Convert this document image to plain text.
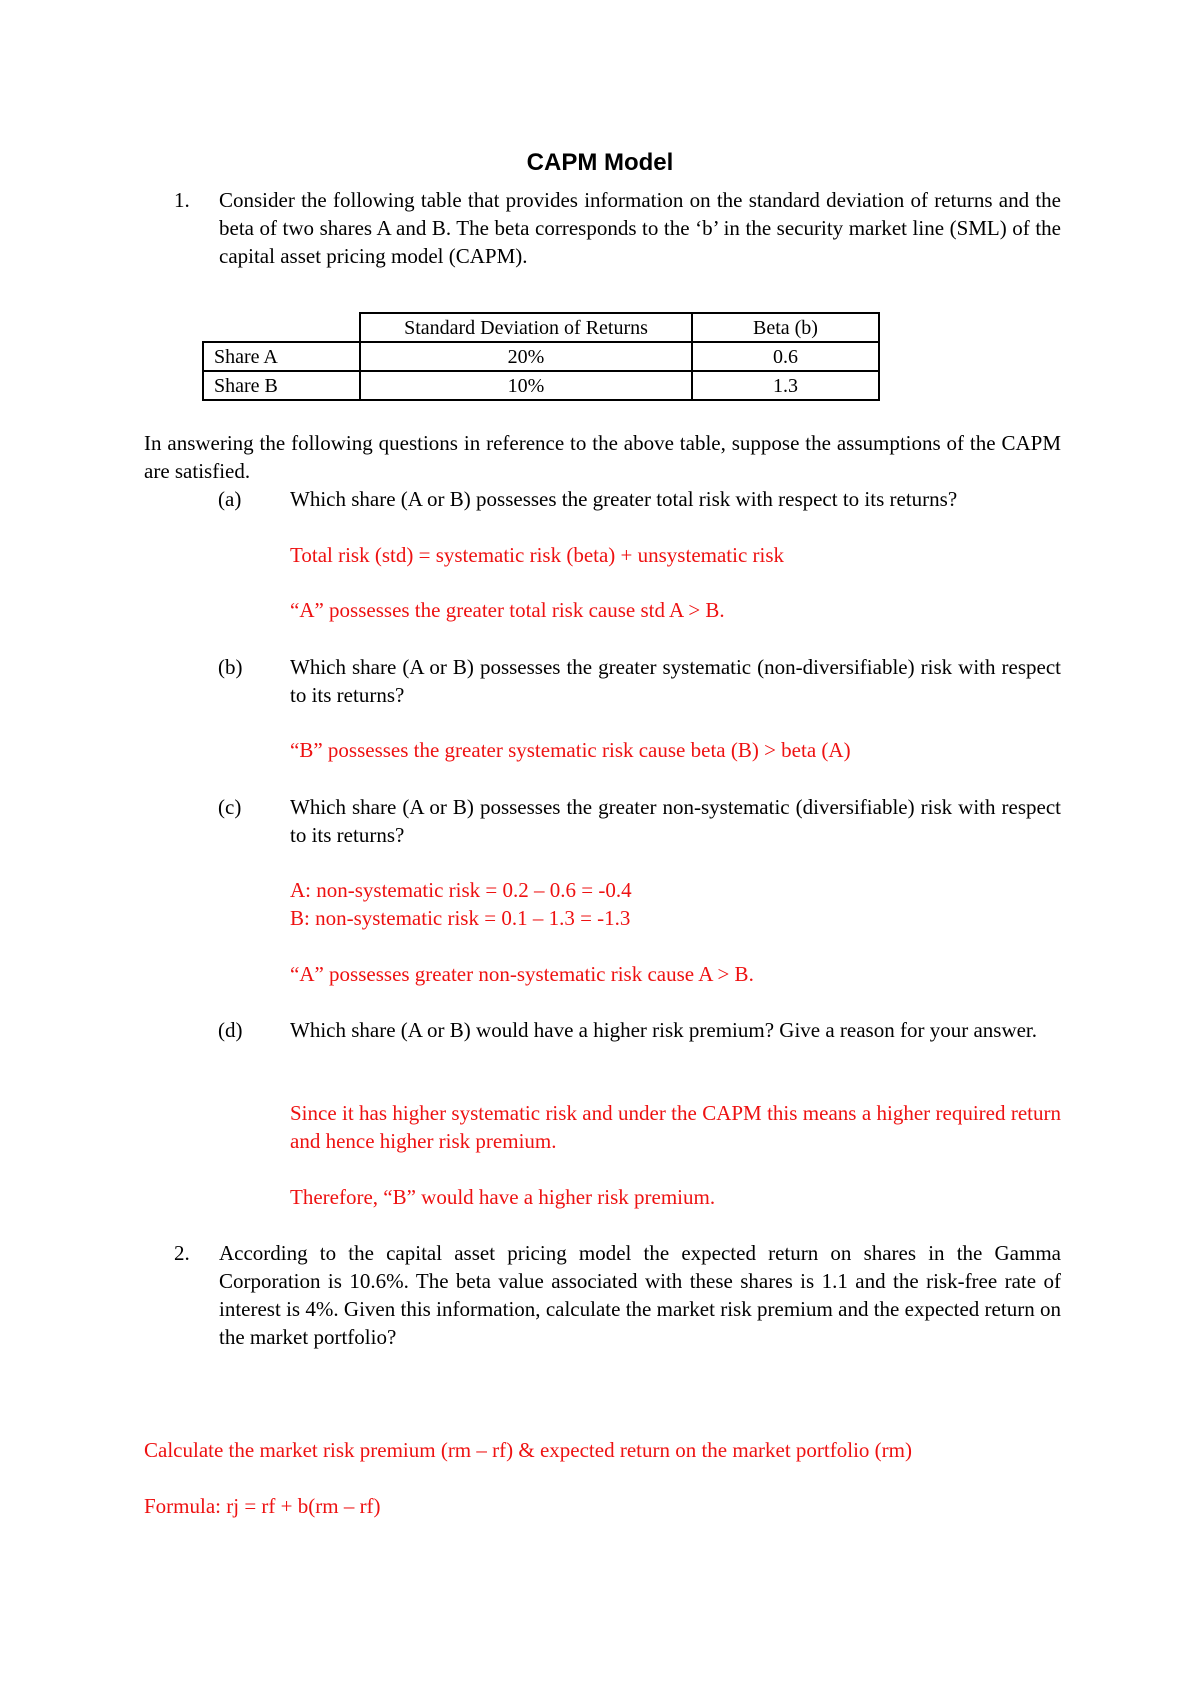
CAPM Model
1. Consider the following table that provides information on the standard deviation of returns and the beta of two shares A and B. The beta corresponds to the ‘b’ in the security market line (SML) of the capital asset pricing model (CAPM).
	Standard Deviation of Returns	Beta (b)
Share A	20%	0.6
Share B	10%	1.3
In answering the following questions in reference to the above table, suppose the assumptions of the CAPM are satisfied.
(a) Which share (A or B) possesses the greater total risk with respect to its returns?
Total risk (std) = systematic risk (beta) + unsystematic risk
“A” possesses the greater total risk cause std A > B.
(b) Which share (A or B) possesses the greater systematic (non-diversifiable) risk with respect to its returns?
“B” possesses the greater systematic risk cause beta (B) > beta (A)
(c) Which share (A or B) possesses the greater non-systematic (diversifiable) risk with respect to its returns?
A: non-systematic risk = 0.2 – 0.6 = -0.4
B: non-systematic risk = 0.1 – 1.3 = -1.3
“A” possesses greater non-systematic risk cause A > B.
(d) Which share (A or B) would have a higher risk premium? Give a reason for your answer.
Since it has higher systematic risk and under the CAPM this means a higher required return and hence higher risk premium.
Therefore, “B” would have a higher risk premium.
2. According to the capital asset pricing model the expected return on shares in the Gamma Corporation is 10.6%. The beta value associated with these shares is 1.1 and the risk-free rate of interest is 4%. Given this information, calculate the market risk premium and the expected return on the market portfolio?
Calculate the market risk premium (rm – rf) & expected return on the market portfolio (rm)
Formula: rj = rf + b(rm – rf)
